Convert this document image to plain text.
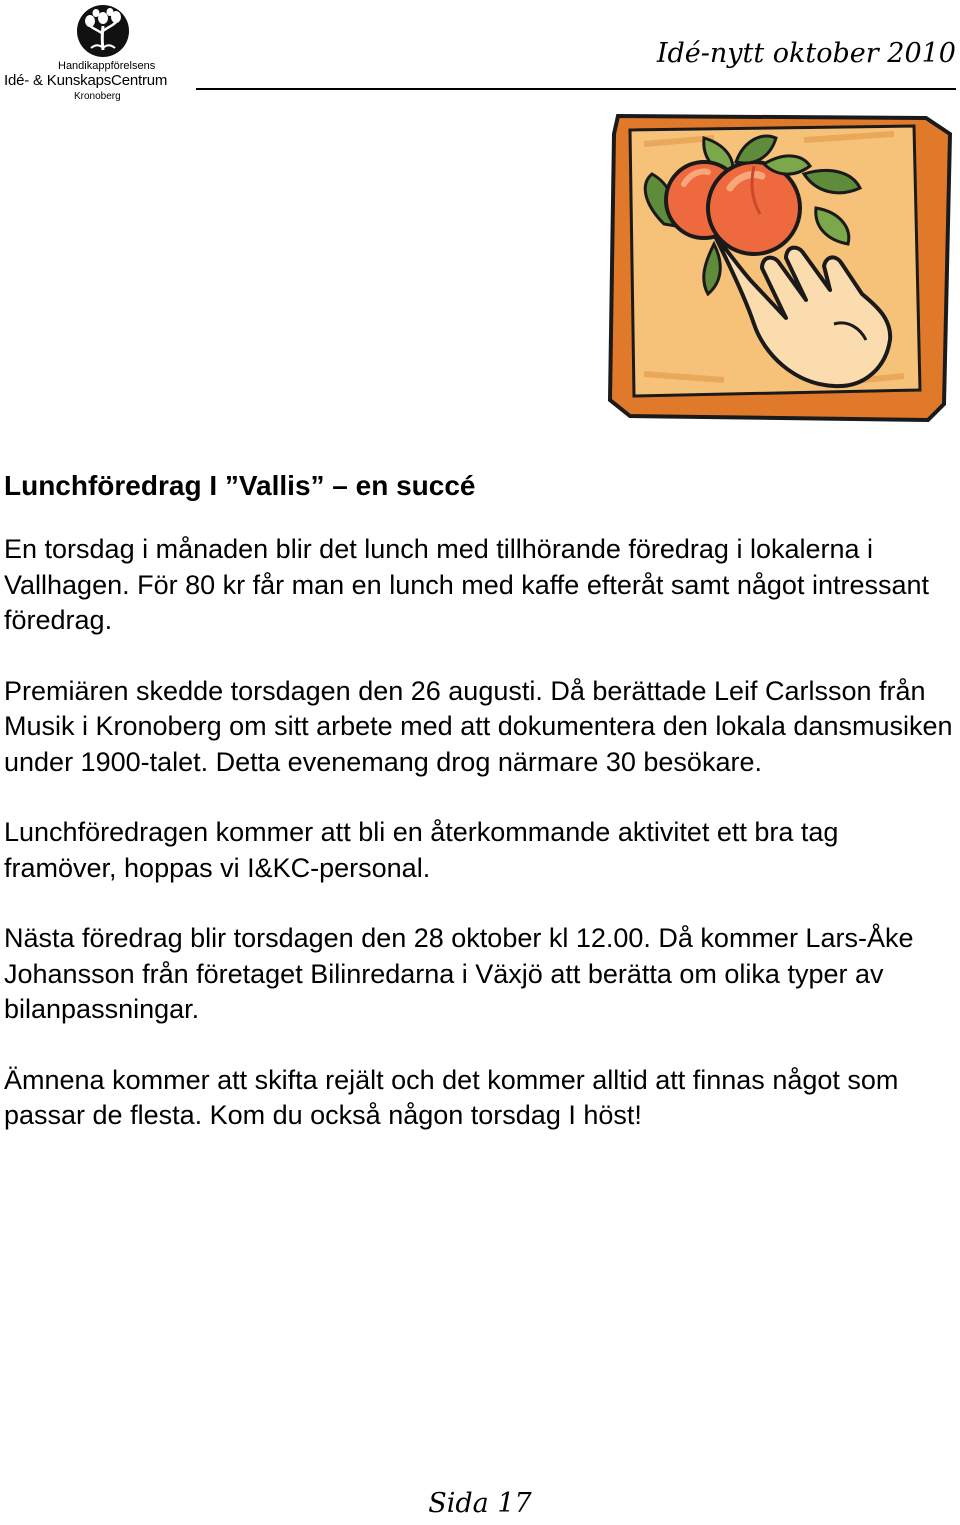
Handikappförelsens
Idé- & KunskapsCentrum
Kronoberg
Idé-nytt oktober 2010
Lunchföredrag I ”Vallis” – en succé

En torsdag i månaden blir det lunch med tillhörande föredrag i lokalerna i Vallhagen. För 80 kr får man en lunch med kaffe efteråt samt något intressant föredrag.

Premiären skedde torsdagen den 26 augusti. Då berättade Leif Carlsson från Musik i Kronoberg om sitt arbete med att dokumentera den lokala dansmusiken under 1900-talet. Detta evenemang drog närmare 30 besökare.

Lunchföredragen kommer att bli en återkommande aktivitet ett bra tag framöver, hoppas vi I&KC-personal.

Nästa föredrag blir torsdagen den 28 oktober kl 12.00. Då kommer Lars-Åke Johansson från företaget Bilinredarna i Växjö att berätta om olika typer av bilanpassningar.

Ämnena kommer att skifta rejält och det kommer alltid att finnas något som passar de flesta. Kom du också någon torsdag I höst!

Sida 17
